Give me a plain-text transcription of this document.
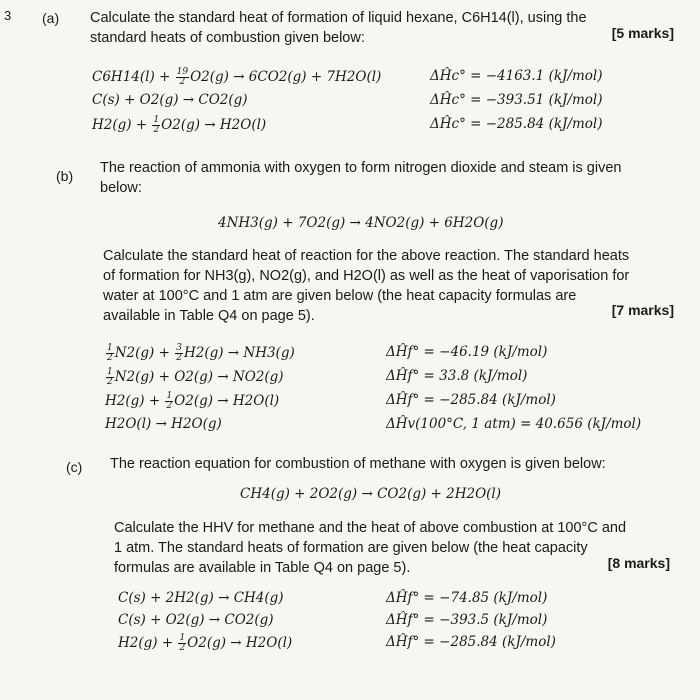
3 (a) Calculate the standard heat of formation of liquid hexane, C6H14(l), using the
standard heats of combustion given below:	[5 marks]
$C6H14(l) + \frac{19}{2} O2(g) \to 6CO2(g) + 7H2O(l)$	ΔĤc° = −4163.1 (kJ/mol)
C(s) + O2(g) → CO2(g)	ΔĤc° = −393.51 (kJ/mol)
$H2(g) + \frac{1}{2} O2(g) \to H2O(l)$	ΔĤc° = −285.84 (kJ/mol)
(b) The reaction of ammonia with oxygen to form nitrogen dioxide and steam is given
below:
4NH3(g) + 7O2(g) → 4NO2(g) + 6H2O(g)
Calculate the standard heat of reaction for the above reaction. The standard heats
of formation for NH3(g), NO2(g), and H2O(l) as well as the heat of vaporisation for
water at 100°C and 1 atm are given below (the heat capacity formulas are
available in Table Q4 on page 5).	[7 marks]
$\frac{1}{2} N2(g) + \frac{3}{2} H2(g) \to NH3(g)$	ΔĤf° = −46.19 (kJ/mol)
$\frac{1}{2} N2(g) + O2(g) \to NO2(g)$	ΔĤf° = 33.8 (kJ/mol)
$H2(g) + \frac{1}{2} O2(g) \to H2O(l)$	ΔĤf° = −285.84 (kJ/mol)
H2O(l) → H2O(g)	ΔĤv(100°C, 1 atm) = 40.656 (kJ/mol)
(c) The reaction equation for combustion of methane with oxygen is given below:
CH4(g) + 2O2(g) → CO2(g) + 2H2O(l)
Calculate the HHV for methane and the heat of above combustion at 100°C and
1 atm. The standard heats of formation are given below (the heat capacity
formulas are available in Table Q4 on page 5).	[8 marks]
C(s) + 2H2(g) → CH4(g)	ΔĤf° = −74.85 (kJ/mol)
C(s) + O2(g) → CO2(g)	ΔĤf° = −393.5 (kJ/mol)
$H2(g) + \frac{1}{2} O2(g) \to H2O(l)$	ΔĤf° = −285.84 (kJ/mol)
